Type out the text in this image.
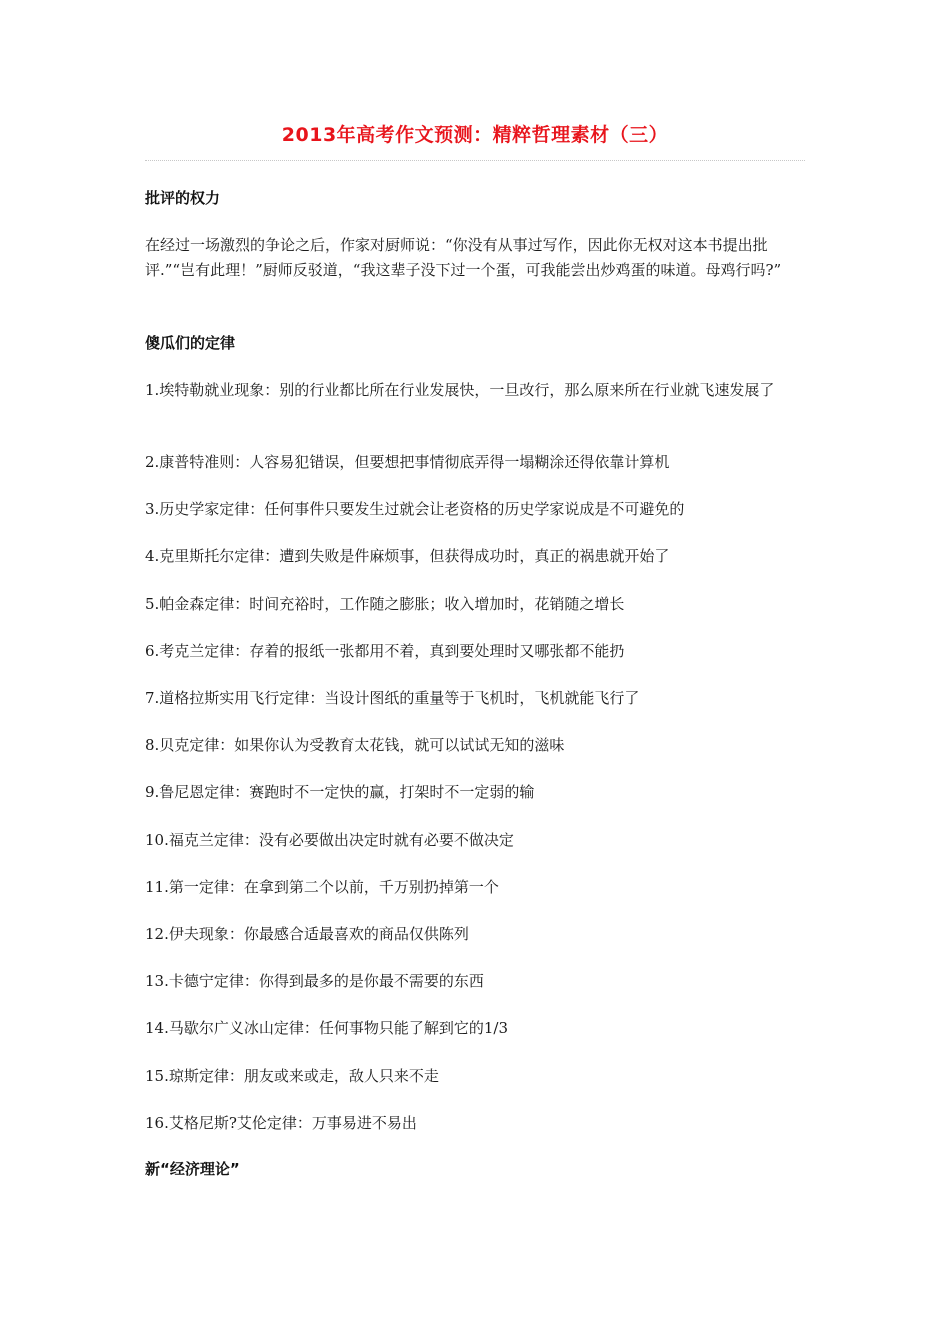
2013年高考作文预测：精粹哲理素材（三）
批评的权力
在经过一场激烈的争论之后，作家对厨师说：“你没有从事过写作，因此你无权对这本书提出批评.”“岂有此理！”厨师反驳道，“我这辈子没下过一个蛋，可我能尝出炒鸡蛋的味道。母鸡行吗?”
傻瓜们的定律
1.埃特勒就业现象：别的行业都比所在行业发展快，一旦改行，那么原来所在行业就飞速发展了
2.康普特准则：人容易犯错误，但要想把事情彻底弄得一塌糊涂还得依靠计算机
3.历史学家定律：任何事件只要发生过就会让老资格的历史学家说成是不可避免的
4.克里斯托尔定律：遭到失败是件麻烦事，但获得成功时，真正的祸患就开始了
5.帕金森定律：时间充裕时，工作随之膨胀；收入增加时，花销随之增长
6.考克兰定律：存着的报纸一张都用不着，真到要处理时又哪张都不能扔
7.道格拉斯实用飞行定律：当设计图纸的重量等于飞机时，飞机就能飞行了
8.贝克定律：如果你认为受教育太花钱，就可以试试无知的滋味
9.鲁尼恩定律：赛跑时不一定快的赢，打架时不一定弱的输
10.福克兰定律：没有必要做出决定时就有必要不做决定
11.第一定律：在拿到第二个以前，千万别扔掉第一个
12.伊夫现象：你最感合适最喜欢的商品仅供陈列
13.卡德宁定律：你得到最多的是你最不需要的东西
14.马歇尔广义冰山定律：任何事物只能了解到它的1/3
15.琼斯定律：朋友或来或走，敌人只来不走
16.艾格尼斯?艾伦定律：万事易进不易出
新“经济理论”
